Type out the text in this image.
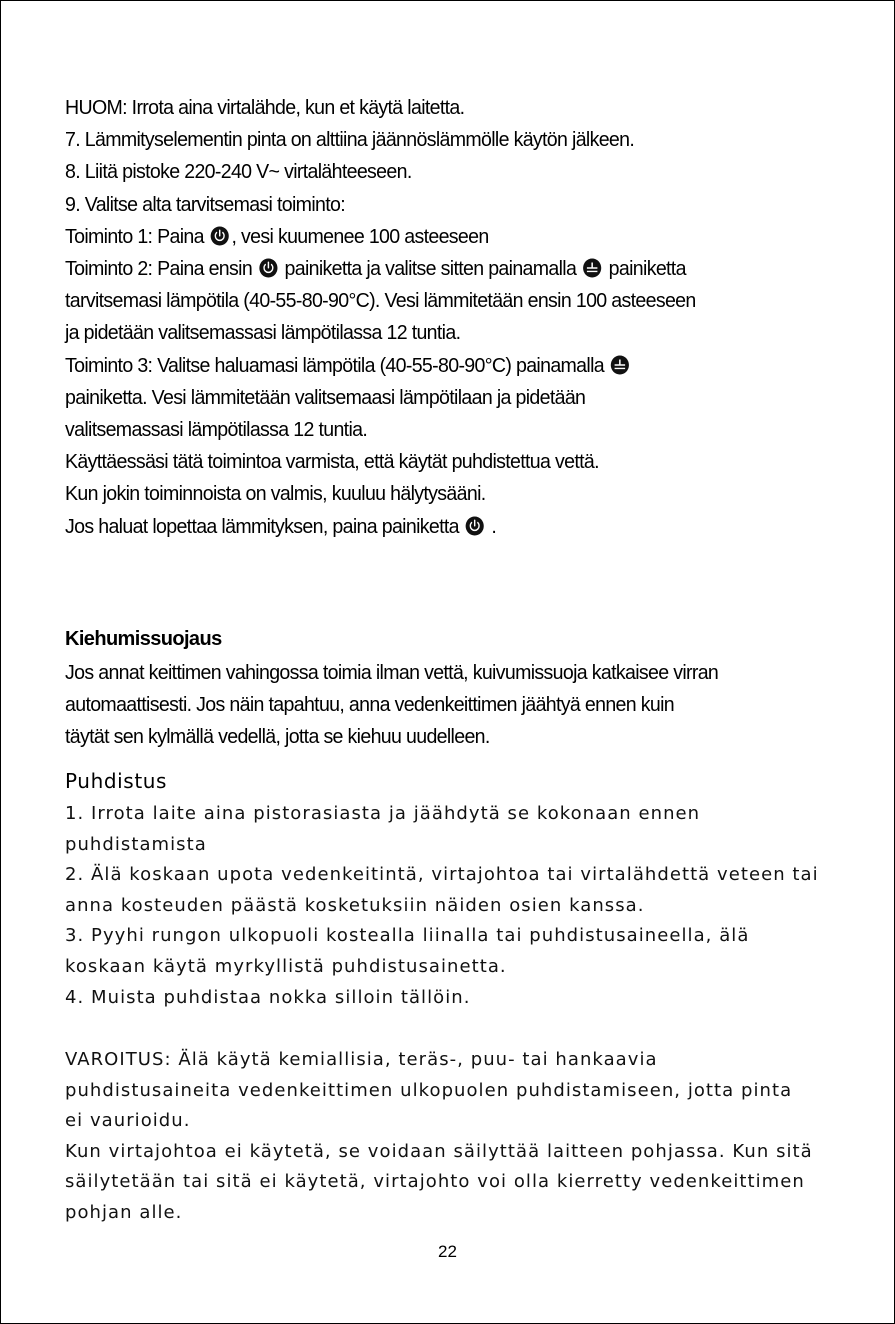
HUOM: Irrota aina virtalähde, kun et käytä laitetta.
7. Lämmityselementin pinta on alttiina jäännöslämmölle käytön jälkeen.
8. Liitä pistoke 220-240 V~ virtalähteeseen.
9. Valitse alta tarvitsemasi toiminto:
Toiminto 1: Paina
, vesi kuumenee 100 asteeseen
Toiminto 2: Paina ensin
painiketta ja valitse sitten painamalla
painiketta
tarvitsemasi lämpötila (40-55-80-90°C). Vesi lämmitetään ensin 100 asteeseen
ja pidetään valitsemassasi lämpötilassa 12 tuntia.
Toiminto 3: Valitse haluamasi lämpötila (40-55-80-90°C) painamalla
painiketta. Vesi lämmitetään valitsemaasi lämpötilaan ja pidetään
valitsemassasi lämpötilassa 12 tuntia.
Käyttäessäsi tätä toimintoa varmista, että käytät puhdistettua vettä.
Kun jokin toiminnoista on valmis, kuuluu hälytysääni.
Jos haluat lopettaa lämmityksen, paina painiketta
.
Kiehumissuojaus
Jos annat keittimen vahingossa toimia ilman vettä, kuivumissuoja katkaisee virran
automaattisesti. Jos näin tapahtuu, anna vedenkeittimen jäähtyä ennen kuin
täytät sen kylmällä vedellä, jotta se kiehuu uudelleen.
Puhdistus
1. Irrota laite aina pistorasiasta ja jäähdytä se kokonaan ennen
puhdistamista
2. Älä koskaan upota vedenkeitintä, virtajohtoa tai virtalähdettä veteen tai
anna kosteuden päästä kosketuksiin näiden osien kanssa.
3. Pyyhi rungon ulkopuoli kostealla liinalla tai puhdistusaineella, älä
koskaan käytä myrkyllistä puhdistusainetta.
4. Muista puhdistaa nokka silloin tällöin.
VAROITUS: Älä käytä kemiallisia, teräs-, puu- tai hankaavia
puhdistusaineita vedenkeittimen ulkopuolen puhdistamiseen, jotta pinta
ei vaurioidu.
Kun virtajohtoa ei käytetä, se voidaan säilyttää laitteen pohjassa. Kun sitä
säilytetään tai sitä ei käytetä, virtajohto voi olla kierretty vedenkeittimen
pohjan alle.
22
